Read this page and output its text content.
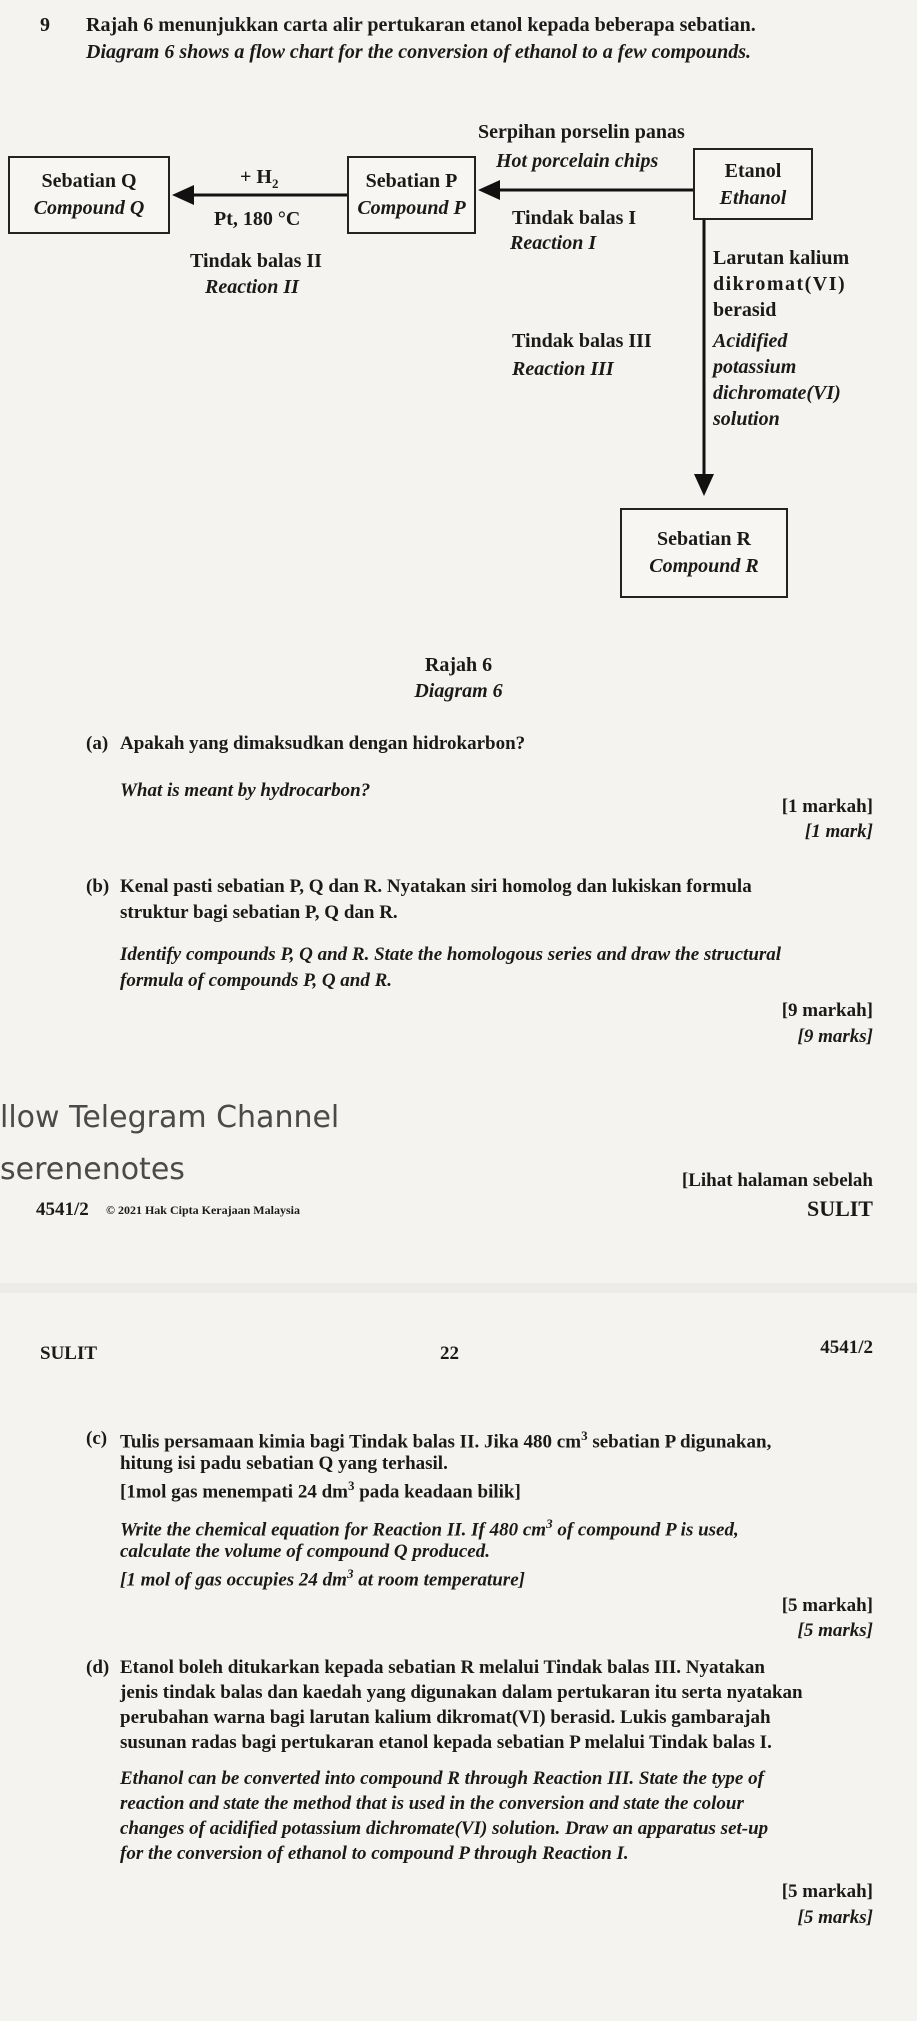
9 Rajah 6 menunjukkan carta alir pertukaran etanol kepada beberapa sebatian.
Diagram 6 shows a flow chart for the conversion of ethanol to a few compounds.
Sebatian Q
Compound Q
Sebatian P
Compound P
Etanol
Ethanol
Sebatian R
Compound R
Serpihan porselin panas
Hot porcelain chips
Tindak balas I
Reaction I
+ $H_2$
Pt, 180 °C
Tindak balas II
Reaction II
Tindak balas III
Reaction III
Larutan kalium
dikromat(VI)
berasid
Acidified
potassium
dichromate(VI)
solution
Rajah 6
Diagram 6
(a) Apakah yang dimaksudkan dengan hidrokarbon?
What is meant by hydrocarbon?
[1 markah]
[1 mark]
(b) Kenal pasti sebatian P, Q dan R. Nyatakan siri homolog dan lukiskan formula
struktur bagi sebatian P, Q dan R.
Identify compounds P, Q and R. State the homologous series and draw the structural
formula of compounds P, Q and R.
[9 markah]
[9 marks]
llow Telegram Channel
serenenotes	[Lihat halaman sebelah
4541/2 © 2021 Hak Cipta Kerajaan Malaysia	SULIT
SULIT	22	4541/2
(c) Tulis persamaan kimia bagi Tindak balas II. Jika 480 $cm^3$ sebatian P digunakan,
hitung isi padu sebatian Q yang terhasil.
[1mol gas menempati 24 $dm^3$ pada keadaan bilik]
Write the chemical equation for Reaction II. If 480 $cm^3$ of compound P is used,
calculate the volume of compound Q produced.
[1 mol of gas occupies 24 $dm^3$ at room temperature]
[5 markah]
[5 marks]
(d) Etanol boleh ditukarkan kepada sebatian R melalui Tindak balas III. Nyatakan
jenis tindak balas dan kaedah yang digunakan dalam pertukaran itu serta nyatakan
perubahan warna bagi larutan kalium dikromat(VI) berasid. Lukis gambarajah
susunan radas bagi pertukaran etanol kepada sebatian P melalui Tindak balas I.
Ethanol can be converted into compound R through Reaction III. State the type of
reaction and state the method that is used in the conversion and state the colour
changes of acidified potassium dichromate(VI) solution. Draw an apparatus set-up
for the conversion of ethanol to compound P through Reaction I.
[5 markah]
[5 marks]
